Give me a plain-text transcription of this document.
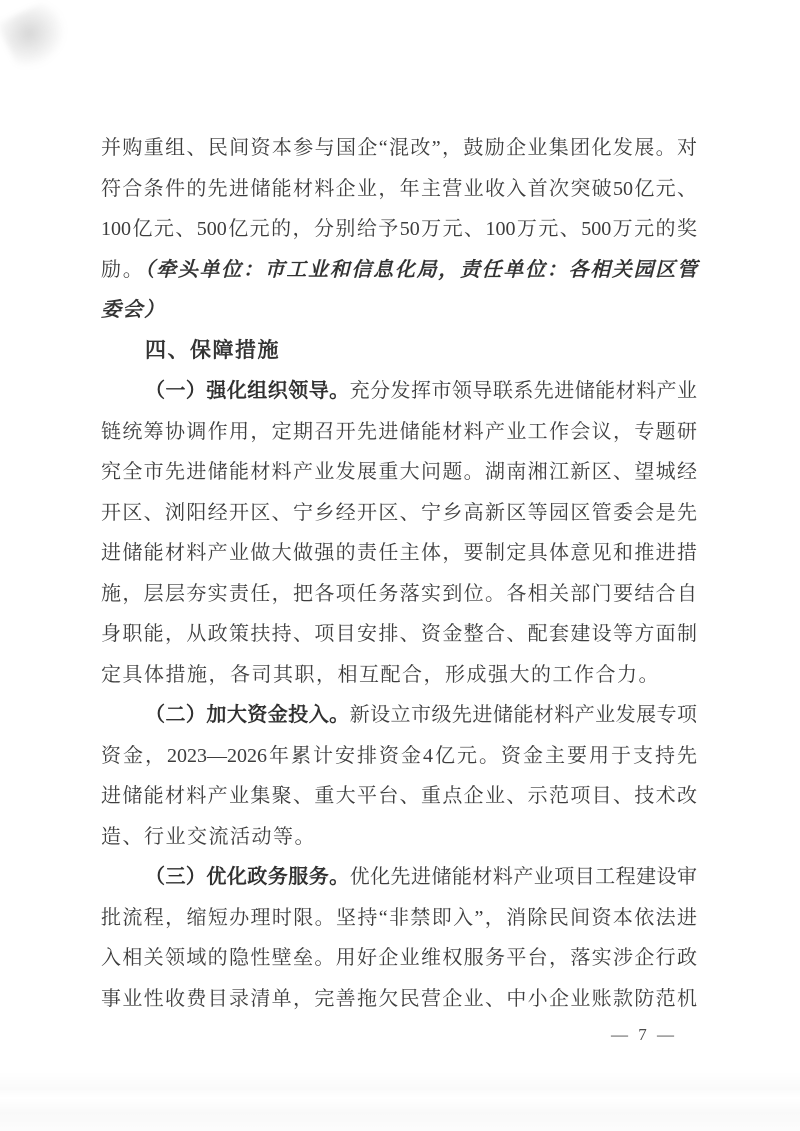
并购重组、民间资本参与国企“混改”，鼓励企业集团化发展。对
符合条件的先进储能材料企业，年主营业收入首次突破50亿元、
100亿元、500亿元的，分别给予50万元、100万元、500万元的奖
励。（牵头单位：市工业和信息化局，责任单位：各相关园区管
委会）
四、保障措施
（一）强化组织领导。充分发挥市领导联系先进储能材料产业
链统筹协调作用，定期召开先进储能材料产业工作会议，专题研
究全市先进储能材料产业发展重大问题。湖南湘江新区、望城经
开区、浏阳经开区、宁乡经开区、宁乡高新区等园区管委会是先
进储能材料产业做大做强的责任主体，要制定具体意见和推进措
施，层层夯实责任，把各项任务落实到位。各相关部门要结合自
身职能，从政策扶持、项目安排、资金整合、配套建设等方面制
定具体措施，各司其职，相互配合，形成强大的工作合力。
（二）加大资金投入。新设立市级先进储能材料产业发展专项
资金，2023—2026年累计安排资金4亿元。资金主要用于支持先
进储能材料产业集聚、重大平台、重点企业、示范项目、技术改
造、行业交流活动等。
（三）优化政务服务。优化先进储能材料产业项目工程建设审
批流程，缩短办理时限。坚持“非禁即入”，消除民间资本依法进
入相关领域的隐性壁垒。用好企业维权服务平台，落实涉企行政
事业性收费目录清单，完善拖欠民营企业、中小企业账款防范机
— 7 —
